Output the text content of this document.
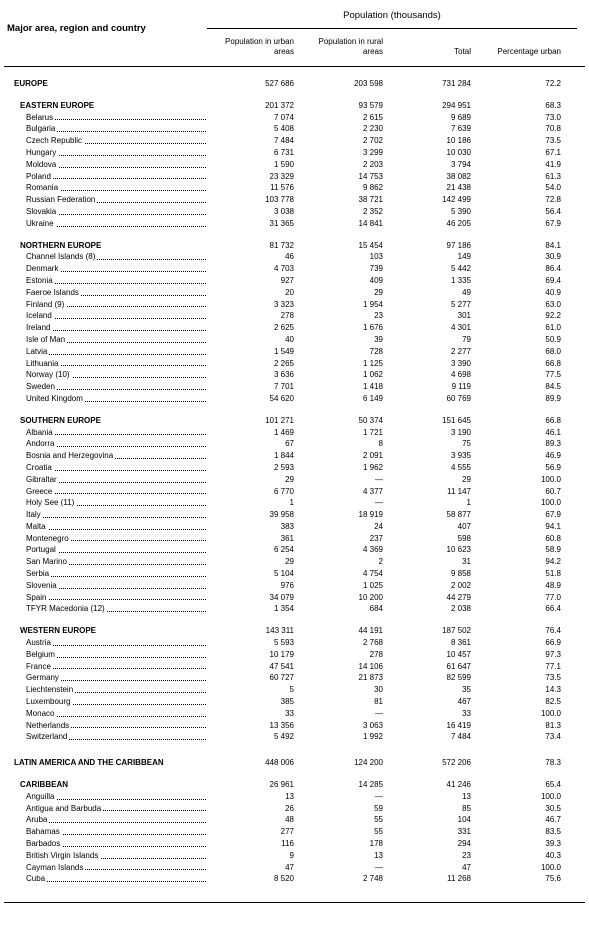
Population (thousands)
Major area, region and country
Population in urban
areas
Population in rural
areas	Total	Percentage urban
EUROPE	527 686	203 598	731 284	72.2
EASTERN EUROPE	201 372	93 579	294 951	68.3
Belarus	7 074	2 615	9 689	73.0
Bulgaria	5 408	2 230	7 639	70.8
Czech Republic	7 484	2 702	10 186	73.5
Hungary	6 731	3 299	10 030	67.1
Moldova	1 590	2 203	3 794	41.9
Poland	23 329	14 753	38 082	61.3
Romania	11 576	9 862	21 438	54.0
Russian Federation	103 778	38 721	142 499	72.8
Slovakia	3 038	2 352	5 390	56.4
Ukraine	31 365	14 841	46 205	67.9
NORTHERN EUROPE	81 732	15 454	97 186	84.1
Channel Islands (8)	46	103	149	30.9
Denmark	4 703	739	5 442	86.4
Estonia	927	409	1 335	69.4
Faeroe Islands	20	29	49	40.9
Finland (9)	3 323	1 954	5 277	63.0
Iceland	278	23	301	92.2
Ireland	2 625	1 676	4 301	61.0
Isle of Man	40	39	79	50.9
Latvia	1 549	728	2 277	68.0
Lithuania	2 265	1 125	3 390	66.8
Norway (10)	3 636	1 062	4 698	77.5
Sweden	7 701	1 418	9 119	84.5
United Kingdom	54 620	6 149	60 769	89.9
SOUTHERN EUROPE	101 271	50 374	151 645	66.8
Albania	1 469	1 721	3 190	46.1
Andorra	67	8	75	89.3
Bosnia and Herzegovina	1 844	2 091	3 935	46.9
Croatia	2 593	1 962	4 555	56.9
Gibraltar	29	—	29	100.0
Greece	6 770	4 377	11 147	60.7
Holy See (11)	1	—	1	100.0
Italy	39 958	18 919	58 877	67.9
Malta	383	24	407	94.1
Montenegro	361	237	598	60.8
Portugal	6 254	4 369	10 623	58.9
San Marino	29	2	31	94.2
Serbia	5 104	4 754	9 858	51.8
Slovenia	976	1 025	2 002	48.9
Spain	34 079	10 200	44 279	77.0
TFYR Macedonia (12)	1 354	684	2 038	66.4
WESTERN EUROPE	143 311	44 191	187 502	76.4
Austria	5 593	2 768	8 361	66.9
Belgium	10 179	278	10 457	97.3
France	47 541	14 106	61 647	77.1
Germany	60 727	21 873	82 599	73.5
Liechtenstein	5	30	35	14.3
Luxembourg	385	81	467	82.5
Monaco	33	—	33	100.0
Netherlands	13 356	3 063	16 419	81.3
Switzerland	5 492	1 992	7 484	73.4
LATIN AMERICA AND THE CARIBBEAN	448 006	124 200	572 206	78.3
CARIBBEAN	26 961	14 285	41 246	65.4
Anguilla	13	—	13	100.0
Antigua and Barbuda	26	59	85	30.5
Aruba	48	55	104	46.7
Bahamas	277	55	331	83.5
Barbados	116	178	294	39.3
British Virgin Islands	9	13	23	40.3
Cayman Islands	47	—	47	100.0
Cuba	8 520	2 748	11 268	75.6
